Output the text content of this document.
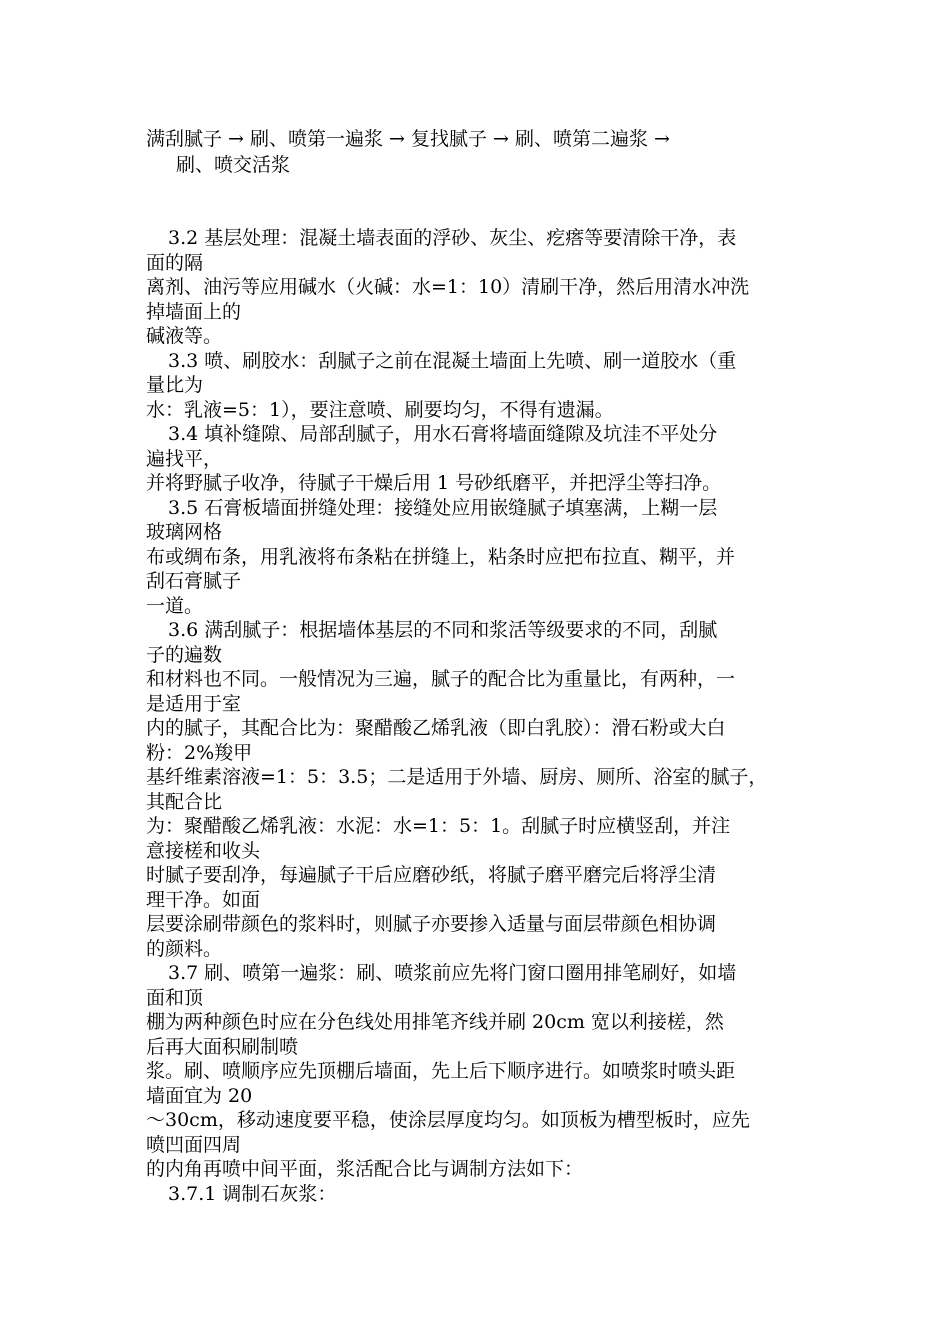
满刮腻子 → 刷、喷第一遍浆 → 复找腻子 → 刷、喷第二遍浆 →
刷、喷交活浆
3.2 基层处理：混凝土墙表面的浮砂、灰尘、疙瘩等要清除干净，表
面的隔
离剂、油污等应用碱水（火碱：水=1：10）清刷干净，然后用清水冲洗
掉墙面上的
碱液等。
3.3 喷、刷胶水：刮腻子之前在混凝土墙面上先喷、刷一道胶水（重
量比为
水：乳液=5：1），要注意喷、刷要均匀，不得有遗漏。
3.4 填补缝隙、局部刮腻子，用水石膏将墙面缝隙及坑洼不平处分
遍找平，
并将野腻子收净，待腻子干燥后用 1 号砂纸磨平，并把浮尘等扫净。
3.5 石膏板墙面拼缝处理：接缝处应用嵌缝腻子填塞满，上糊一层
玻璃网格
布或绸布条，用乳液将布条粘在拼缝上，粘条时应把布拉直、糊平，并
刮石膏腻子
一道。
3.6 满刮腻子：根据墙体基层的不同和浆活等级要求的不同，刮腻
子的遍数
和材料也不同。一般情况为三遍，腻子的配合比为重量比，有两种，一
是适用于室
内的腻子，其配合比为：聚醋酸乙烯乳液（即白乳胶）：滑石粉或大白
粉：2%羧甲
基纤维素溶液=1：5：3.5；二是适用于外墙、厨房、厕所、浴室的腻子，
其配合比
为：聚醋酸乙烯乳液：水泥：水=1：5：1。刮腻子时应横竖刮，并注
意接槎和收头
时腻子要刮净，每遍腻子干后应磨砂纸，将腻子磨平磨完后将浮尘清
理干净。如面
层要涂刷带颜色的浆料时，则腻子亦要掺入适量与面层带颜色相协调
的颜料。
3.7 刷、喷第一遍浆：刷、喷浆前应先将门窗口圈用排笔刷好，如墙
面和顶
棚为两种颜色时应在分色线处用排笔齐线并刷 20cm 宽以利接槎，然
后再大面积刷制喷
浆。刷、喷顺序应先顶棚后墙面，先上后下顺序进行。如喷浆时喷头距
墙面宜为 20
～30cm，移动速度要平稳，使涂层厚度均匀。如顶板为槽型板时，应先
喷凹面四周
的内角再喷中间平面，浆活配合比与调制方法如下：
3.7.1 调制石灰浆：
